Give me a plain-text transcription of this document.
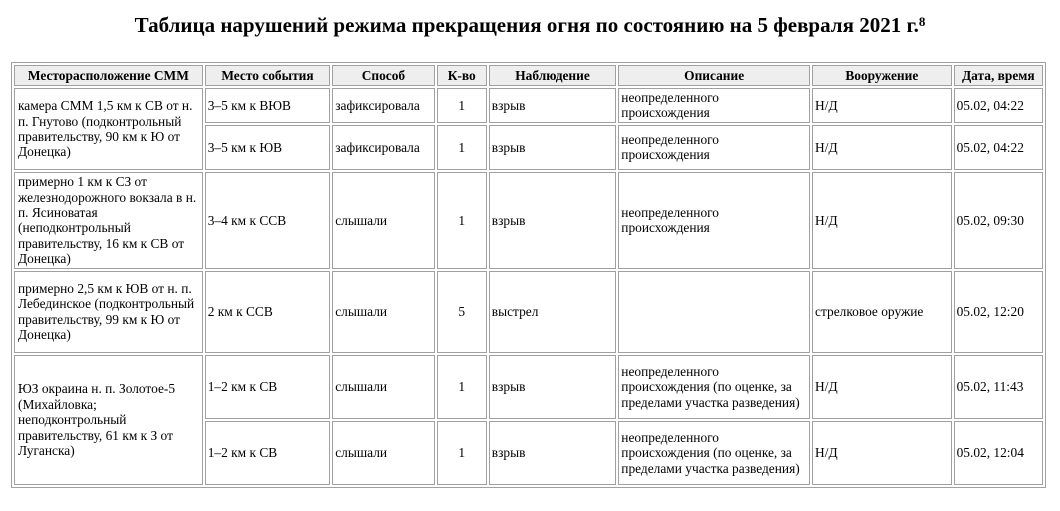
Таблица нарушений режима прекращения огня по состоянию на 5 февраля 2021 г.$^8$
Месторасположение СММ	Место события	Способ	К-во	Наблюдение	Описание	Вооружение	Дата, время
камера СММ 1,5 км к СВ от н. п. Гнутово (подконтрольный правительству, 90 км к Ю от Донецка)	3–5 км к ВЮВ	зафиксировала	1	взрыв	неопределенного происхождения	Н/Д	05.02, 04:22
	3–5 км к ЮВ	зафиксировала	1	взрыв	неопределенного происхождения	Н/Д	05.02, 04:22
примерно 1 км к СЗ от железнодорожного вокзала в н. п. Ясиноватая (неподконтрольный правительству, 16 км к СВ от Донецка)	3–4 км к ССВ	слышали	1	взрыв	неопределенного происхождения	Н/Д	05.02, 09:30
примерно 2,5 км к ЮВ от н. п. Лебединское (подконтрольный правительству, 99 км к Ю от Донецка)	2 км к ССВ	слышали	5	выстрел		стрелковое оружие	05.02, 12:20
ЮЗ окраина н. п. Золотое-5 (Михайловка; неподконтрольный правительству, 61 км к З от Луганска)	1–2 км к СВ	слышали	1	взрыв	неопределенного происхождения (по оценке, за пределами участка разведения)	Н/Д	05.02, 11:43
	1–2 км к СВ	слышали	1	взрыв	неопределенного происхождения (по оценке, за пределами участка разведения)	Н/Д	05.02, 12:04
